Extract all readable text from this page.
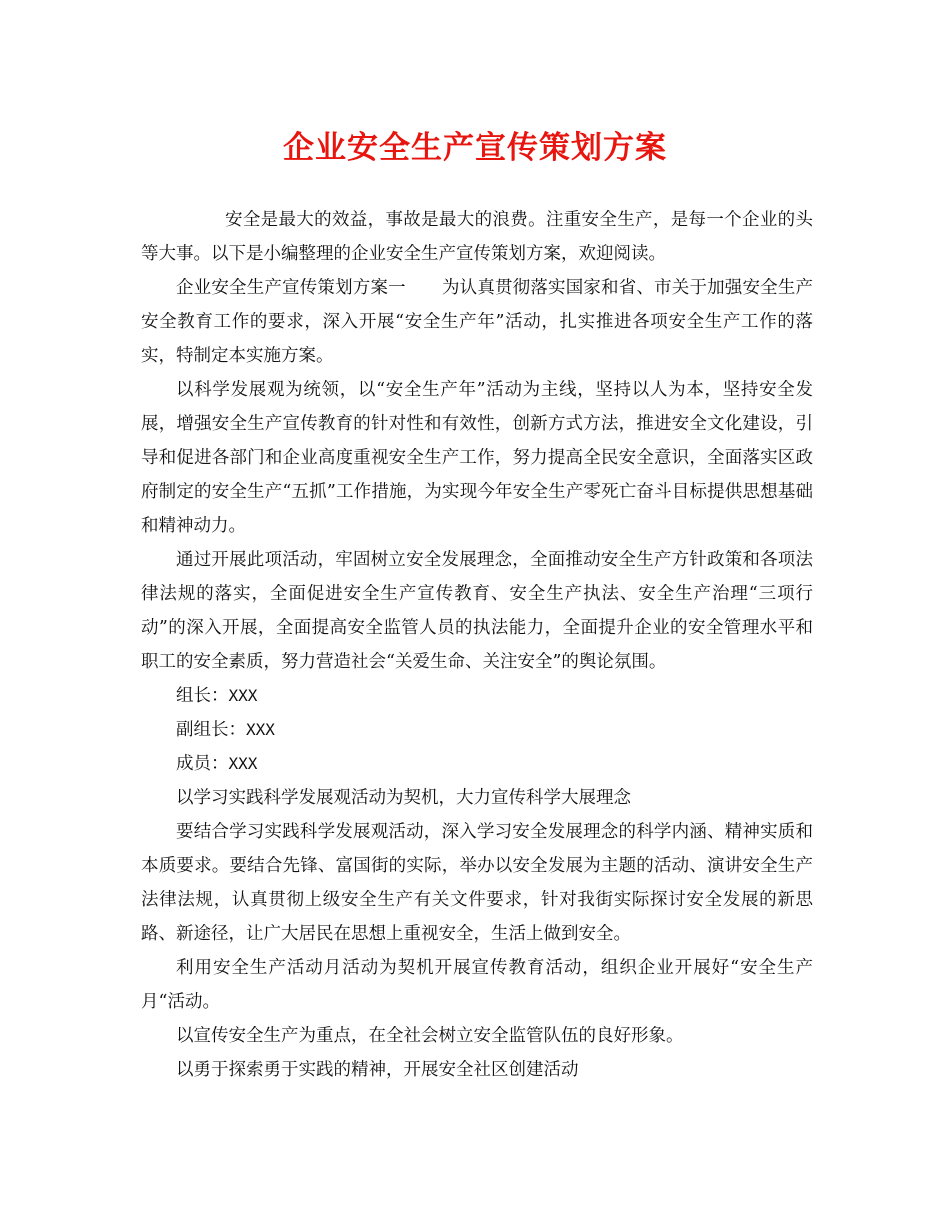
企业安全生产宣传策划方案

安全是最大的效益，事故是最大的浪费。注重安全生产，是每一个企业的头等大事。以下是小编整理的企业安全生产宣传策划方案，欢迎阅读。

企业安全生产宣传策划方案一 为认真贯彻落实国家和省、市关于加强安全生产安全教育工作的要求，深入开展“安全生产年”活动，扎实推进各项安全生产工作的落实，特制定本实施方案。

以科学发展观为统领，以“安全生产年”活动为主线，坚持以人为本，坚持安全发展，增强安全生产宣传教育的针对性和有效性，创新方式方法，推进安全文化建设，引导和促进各部门和企业高度重视安全生产工作，努力提高全民安全意识，全面落实区政府制定的安全生产“五抓”工作措施，为实现今年安全生产零死亡奋斗目标提供思想基础和精神动力。

通过开展此项活动，牢固树立安全发展理念，全面推动安全生产方针政策和各项法律法规的落实，全面促进安全生产宣传教育、安全生产执法、安全生产治理“三项行动”的深入开展，全面提高安全监管人员的执法能力，全面提升企业的安全管理水平和职工的安全素质，努力营造社会“关爱生命、关注安全”的舆论氛围。

组长：XXX

副组长：XXX

成员：XXX

以学习实践科学发展观活动为契机，大力宣传科学大展理念

要结合学习实践科学发展观活动，深入学习安全发展理念的科学内涵、精神实质和本质要求。要结合先锋、富国街的实际，举办以安全发展为主题的活动、演讲安全生产法律法规，认真贯彻上级安全生产有关文件要求，针对我街实际探讨安全发展的新思路、新途径，让广大居民在思想上重视安全，生活上做到安全。

利用安全生产活动月活动为契机开展宣传教育活动，组织企业开展好“安全生产月“活动。

以宣传安全生产为重点，在全社会树立安全监管队伍的良好形象。

以勇于探索勇于实践的精神，开展安全社区创建活动
